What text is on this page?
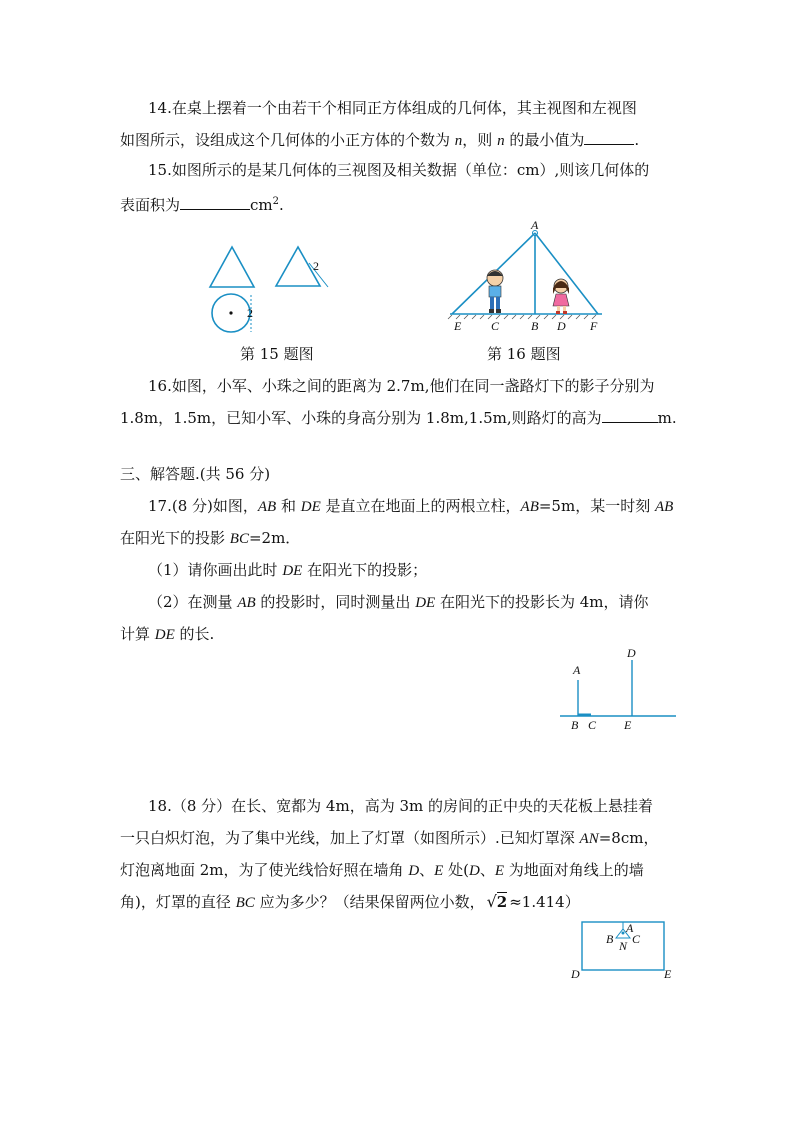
14.在桌上摆着一个由若干个相同正方体组成的几何体，其主视图和左视图
如图所示，设组成这个几何体的小正方体的个数为 n，则 n 的最小值为	.
15.如图所示的是某几何体的三视图及相关数据（单位：cm）,则该几何体的
表面积为	$cm^2$.
2
2
第 15 题图
A
E C	B D F
第 16 题图
16.如图，小军、小珠之间的距离为 2.7m,他们在同一盏路灯下的影子分别为
1.8m，1.5m，已知小军、小珠的身高分别为 1.8m,1.5m,则路灯的高为	m.
三、解答题.(共 56 分)
17.(8 分)如图，AB 和 DE 是直立在地面上的两根立柱，AB=5m，某一时刻 AB
在阳光下的投影 BC=2m．
（1）请你画出此时 DE 在阳光下的投影；
（2）在测量 AB 的投影时，同时测量出 DE 在阳光下的投影长为 4m，请你
计算 DE 的长.
A
D
B C E
18.（8 分）在长、宽都为 4m，高为 3m 的房间的正中央的天花板上悬挂着
一只白炽灯泡，为了集中光线，加上了灯罩（如图所示）.已知灯罩深 AN=8cm，
灯泡离地面 2m，为了使光线恰好照在墙角 D、E 处(D、E 为地面对角线上的墙
角)，灯罩的直径 BC 应为多少？（结果保留两位小数， √2 ≈1.414）
A
B C
N
D	E
